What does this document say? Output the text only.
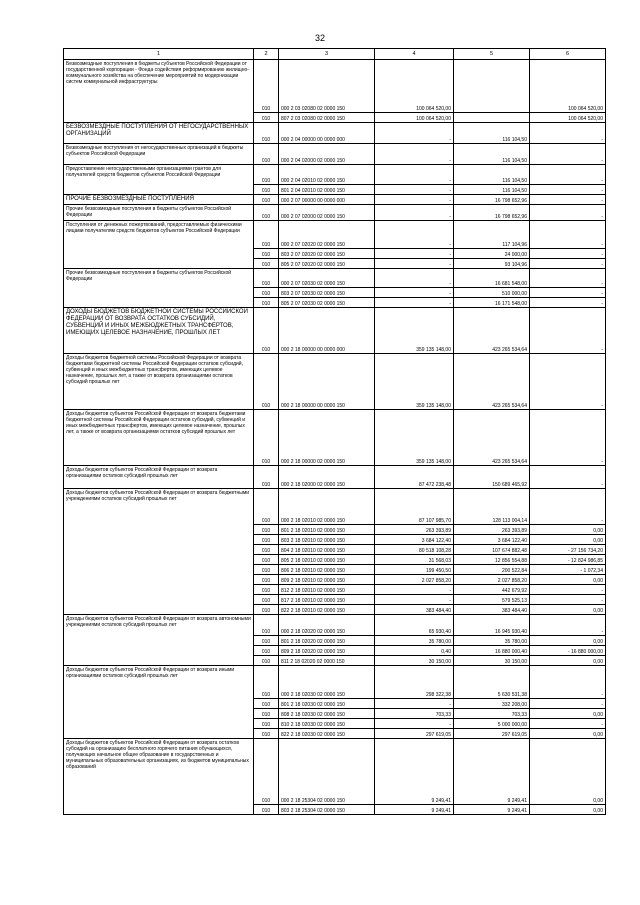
32
1	2	3	4	5	6
Безвозмездные поступления в бюджеты субъектов Российской Федерации от государственной корпорации - Фонда содействия реформированию жилищно-коммунального хозяйства на обеспечение мероприятий по модернизации систем коммунальной инфраструктуры	010	000 2 03 02080 02 0000 150	100 064 520,00		100 064 520,00
	010	807 2 03 02080 02 0000 150	100 064 520,00		100 064 520,00
БЕЗВОЗМЕЗДНЫЕ ПОСТУПЛЕНИЯ ОТ НЕГОСУДАРСТВЕННЫХ ОРГАНИЗАЦИЙ	010	000 2 04 00000 00 0000 000	-	116 104,50	-
Безвозмездные поступления от негосударственных организаций в бюджеты субъектов Российской Федерации	010	000 2 04 02000 02 0000 150	-	116 104,50	-
Предоставление негосударственными организациями грантов для получателей средств бюджетов субъектов Российской Федерации	010	000 2 04 02010 02 0000 150	-	116 104,50	-
	010	801 2 04 02010 02 0000 150	-	116 104,50	-
ПРОЧИЕ БЕЗВОЗМЕЗДНЫЕ ПОСТУПЛЕНИЯ	010	000 2 07 00000 00 0000 000	-	16 798 652,96	-
Прочие безвозмездные поступления в бюджеты субъектов Российской Федерации	010	000 2 07 02000 02 0000 150	-	16 798 652,96	-
Поступления от денежных пожертвований, предоставляемых физическими лицами получателям средств бюджетов субъектов Российской Федерации	010	000 2 07 02020 02 0000 150	-	117 104,96	-
	010	803 2 07 02020 02 0000 150	-	24 000,00	-
	010	805 2 07 02020 02 0000 150	-	93 104,96	-
Прочие безвозмездные поступления в бюджеты субъектов Российской Федерации	010	000 2 07 02030 02 0000 150	-	16 681 548,00	-
	010	803 2 07 02030 02 0000 150	-	510 000,00	-
	010	805 2 07 02030 02 0000 150	-	16 171 548,00	-
ДОХОДЫ БЮДЖЕТОВ БЮДЖЕТНОЙ СИСТЕМЫ РОССИЙСКОЙ ФЕДЕРАЦИИ ОТ ВОЗВРАТА ОСТАТКОВ СУБСИДИЙ, СУБВЕНЦИЙ И ИНЫХ МЕЖБЮДЖЕТНЫХ ТРАНСФЕРТОВ, ИМЕЮЩИХ ЦЕЛЕВОЕ НАЗНАЧЕНИЕ, ПРОШЛЫХ ЛЕТ	010	000 2 18 00000 00 0000 000	359 135 148,00	423 265 534,64	-
Доходы бюджетов бюджетной системы Российской Федерации от возврата бюджетами бюджетной системы Российской Федерации остатков субсидий, субвенций и иных межбюджетных трансфертов, имеющих целевое назначение, прошлых лет, а также от возврата организациями остатков субсидий прошлых лет	010	000 2 18 00000 00 0000 150	359 135 148,00	423 265 534,64	-
Доходы бюджетов субъектов Российской Федерации от возврата бюджетами бюджетной системы Российской Федерации остатков субсидий, субвенций и иных межбюджетных трансфертов, имеющих целевое назначение, прошлых лет, а также от возврата организациями остатков субсидий прошлых лет	010	000 2 18 00000 02 0000 150	359 135 148,00	423 265 534,64	-
Доходы бюджетов субъектов Российской Федерации от возврата организациями остатков субсидий прошлых лет	010	000 2 18 02000 02 0000 150	87 472 238,48	150 689 465,92	-
Доходы бюджетов субъектов Российской Федерации от возврата бюджетными учреждениями остатков субсидий прошлых лет	010	000 2 18 02010 02 0000 150	87 107 985,70	128 113 004,14	-
	010	801 2 18 02010 02 0000 150	263 393,89	263 393,89	0,00
	010	803 2 18 02010 02 0000 150	3 684 122,40	3 684 122,40	0,00
	010	804 2 18 02010 02 0000 150	80 518 108,28	107 674 882,48	- 27 156 734,20
	010	805 2 18 02010 02 0000 150	31 568,03	12 856 554,88	- 12 824 986,85
	010	806 2 18 02010 02 0000 150	199 450,50	200 522,84	- 1 072,34
	010	809 2 18 02010 02 0000 150	2 027 858,20	2 027 858,20	0,00
	010	812 2 18 02010 02 0000 150	-	442 679,92	-
	010	817 2 18 02010 02 0000 150	-	579 525,13	-
	010	822 2 18 02010 02 0000 150	383 484,40	383 484,40	0,00
Доходы бюджетов субъектов Российской Федерации от возврата автономными учреждениями остатков субсидий прошлых лет	010	000 2 18 02020 02 0000 150	65 930,40	16 945 930,40	-
	010	801 2 18 02020 02 0000 150	35 780,00	35 780,00	0,00
	010	809 2 18 02020 02 0000 150	0,40	16 880 000,40	- 16 880 000,00
	010	811 2 18 02020 02 0000 150	30 150,00	30 150,00	0,00
Доходы бюджетов субъектов Российской Федерации от возврата иными организациями остатков субсидий прошлых лет	010	000 2 18 02030 02 0000 150	298 322,38	5 630 531,38	-
	010	801 2 18 02030 02 0000 150	-	332 208,00	-
	010	808 2 18 02030 02 0000 150	703,33	703,33	0,00
	010	810 2 18 02030 02 0000 150	-	5 000 000,00	-
	010	822 2 18 02030 02 0000 150	297 619,05	297 619,05	0,00
Доходы бюджетов субъектов Российской Федерации от возврата остатков субсидий на организацию бесплатного горячего питания обучающихся, получающих начальное общее образование в государственных и муниципальных образовательных организациях, из бюджетов муниципальных образований	010	000 2 18 25304 02 0000 150	9 249,41	9 249,41	0,00
	010	803 2 18 25304 02 0000 150	9 249,41	9 249,41	0,00
